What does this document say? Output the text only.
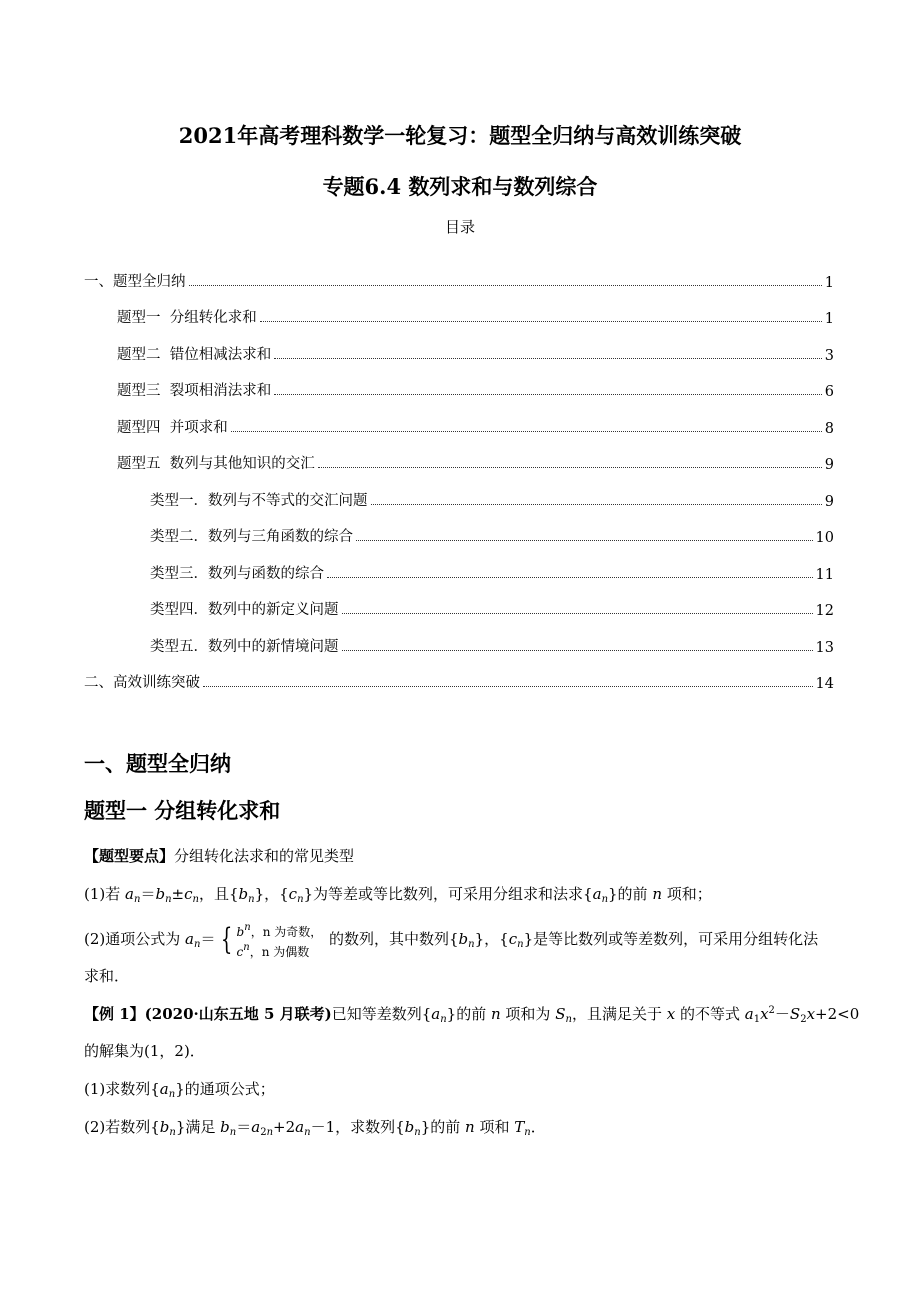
2021年高考理科数学一轮复习：题型全归纳与高效训练突破
专题6.4 数列求和与数列综合
目录
一、题型全归纳	1
题型一  分组转化求和	1
题型二  错位相减法求和	3
题型三  裂项相消法求和	6
题型四  并项求和	8
题型五  数列与其他知识的交汇	9
类型一．数列与不等式的交汇问题	9
类型二．数列与三角函数的综合	10
类型三．数列与函数的综合	11
类型四．数列中的新定义问题	12
类型五．数列中的新情境问题	13
二、高效训练突破	14
一、题型全归纳
题型一 分组转化求和
【题型要点】分组转化法求和的常见类型
(1)若 $a_n=b_n\pm c_n$，且$\{b_n\}$，$\{c_n\}$为等差或等比数列，可采用分组求和法求$\{a_n\}$的前 n 项和；
(2)通项公式为 $a_n=$ { $b^n$，n 为奇数，
$c^n$，n 为偶数 的数列，其中数列$\{b_n\}$，$\{c_n\}$是等比数列或等差数列，可采用分组转化法
求和．
【例 1】(2020·山东五地 5 月联考)已知等差数列$\{a_n\}$的前 n 项和为 $S_n$，且满足关于 x 的不等式 $a_1x^2-S_2x+2<0$
的解集为(1，2)．
(1)求数列$\{a_n\}$的通项公式；
(2)若数列$\{b_n\}$满足 $b_n=a_{2n}+2a_n-1$，求数列$\{b_n\}$的前 n 项和 $T_n$．
